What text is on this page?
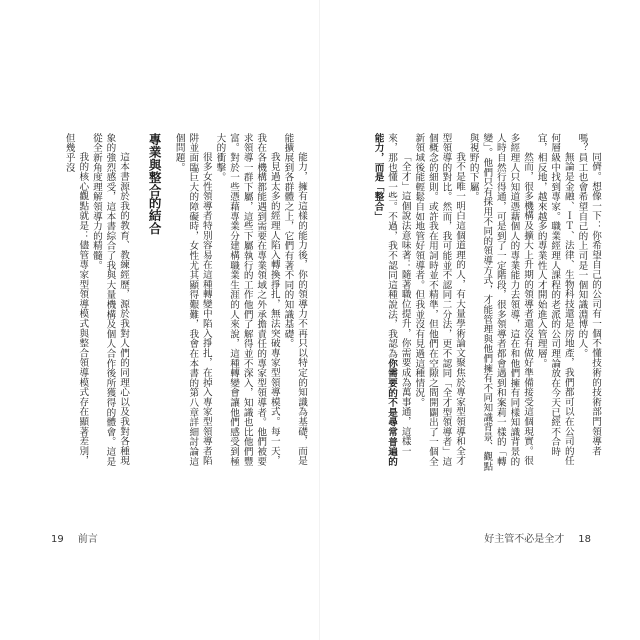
能力，擁有這樣的能力後，你的領導力不再只以特定的知識為基礎，而是能擴展到各群體之上，它們有著不同的知識基礎。
我見過太多的經理人陷入轉換掙扎，無法突破專家型領導模式。每一天，我在各機構都能遇到需要在專業領域之外承擔責任的專家型領導者。他們被要求領導一群下屬，這些下屬執行的工作他們了解得並不深入，知識也比他們豐富。對於一些憑藉專業分建構職業生涯的人來說，這種轉變會讓他們感受到極大的衝擊。
很多女性領導者特別容易在這種轉變中陷入掙扎，在掉入專家型領導者陷阱並面臨巨大的障礙時，女性尤其顯得艱難，我會在本書的第八章詳細討論這個問題。
專業與整合的結合
這本書源於我的教育、教練經歷，源於我對人們的同理心以及我對各種現象的強烈感受，這本書綜合了我與大量機構及個人合作後所獲得的體會。這是從全新角度理解領導力的精髓。
我的核心觀點就是：儘管專家型領導模式與整合領導模式存在顯著差別，但幾乎沒
19 前言
同儕。想像一下：你希望自己的公司有一個不懂技術的技術部門領導者嗎？員工也會希望自己的上司是一個知識淵博的人。
無論是金融、ＩＴ、法律、生物科技還是房地產，我們都可以在公司的任何層級中找到專家。職業經理人課程的老派的公司理論放在今天已經不合時宜，相反地，越來越多的專業性人才開始進入管理層。
然而，很多機構及擴大上升期的領導者還沒有做好準備接受這個現實。很多經理人只知道憑藉個人的專業能力去領導，這在和他們擁有同樣知識背景的人時自然行得通，可是到了一定階段，很多領導者都會遇到和案莉一樣的「轉變」。他們只有採用不同的領導方式，才能管理與他們擁有不同知識背景、觀點與視野的下屬。
我不是唯一明白這個道理的人，有大量學術論文聚焦於專家型領導和全才型領導的對比。然而，我可能並不認同二分法，更不認同「全才型領導者」這個概念的細則。或許我在用詞時並不精準，但他們在空隙之間開闢出了一個全新領域後能輕鬆自如地管好領導者。但我並沒有見過這種情況。
「全才」這個說法意味著：隨著職位提升，你需要成為萬事通，這樣一來，那也懂一些。不過，我不認同這種說法，我認為你需要的不是尋常普遍的能力，而是「整合」
好主管不必是全才 18
